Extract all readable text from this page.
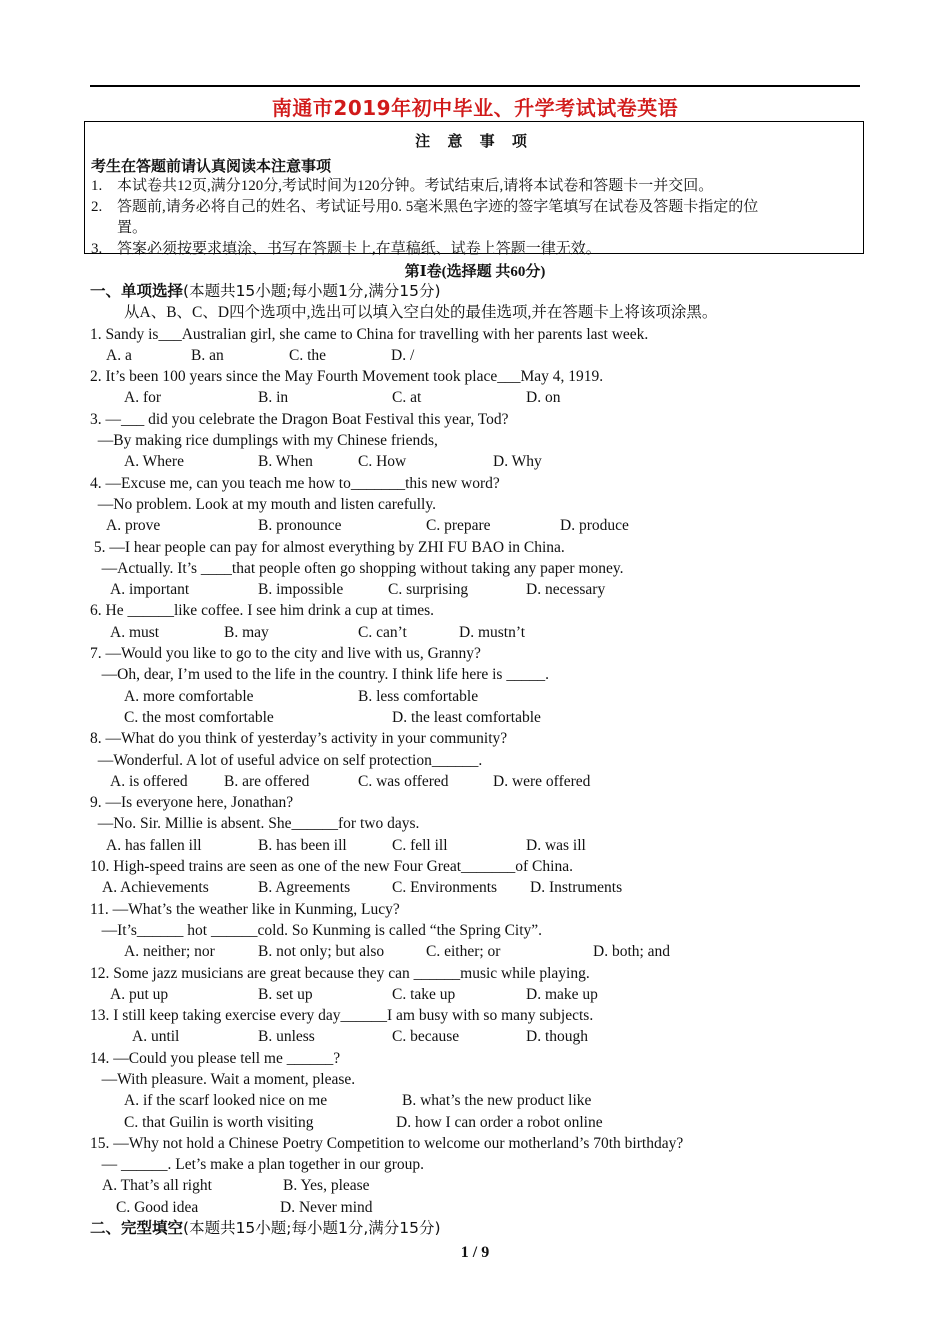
南通市2019年初中毕业、升学考试试卷英语
注 意 事 项
考生在答题前请认真阅读本注意事项
1. 本试卷共12页,满分120分,考试时间为120分钟。考试结束后,请将本试卷和答题卡一并交回。
2. 答题前,请务必将自己的姓名、考试证号用0. 5毫米黑色字迹的签字笔填写在试卷及答题卡指定的位
置。
3. 答案必须按要求填涂、书写在答题卡上,在草稿纸、试卷上答题一律无效。
第Ⅰ卷(选择题 共60分)
一、单项选择(本题共15小题;每小题1分,满分15分)
从A、B、C、D四个选项中,选出可以填入空白处的最佳选项,并在答题卡上将该项涂黑。
1. Sandy is___Australian girl, she came to China for travelling with her parents last week.
A. a	B. an	C. the	D. /
2. It’s been 100 years since the May Fourth Movement took place___May 4, 1919.
A. for	B. in	C. at	D. on
3. —___ did you celebrate the Dragon Boat Festival this year, Tod?
—By making rice dumplings with my Chinese friends,
A. Where	B. When	C. How	D. Why
4. —Excuse me, can you teach me how to_______this new word?
—No problem. Look at my mouth and listen carefully.
A. prove	B. pronounce	C. prepare	D. produce
5. —I hear people can pay for almost everything by ZHI FU BAO in China.
—Actually. It’s ____that people often go shopping without taking any paper money.
A. important	B. impossible	C. surprising	D. necessary
6. He ______like coffee. I see him drink a cup at times.
A. must	B. may	C. can’t	D. mustn’t
7. —Would you like to go to the city and live with us, Granny?
—Oh, dear, I’m used to the life in the country. I think life here is _____.
A. more comfortable	B. less comfortable
C. the most comfortable	D. the least comfortable
8. —What do you think of yesterday’s activity in your community?
—Wonderful. A lot of useful advice on self protection______.
A. is offered B. are offered	C. was offered	D. were offered
9. —Is everyone here, Jonathan?
—No. Sir. Millie is absent. She______for two days.
A. has fallen ill	B. has been ill	C. fell ill	D. was ill
10. High-speed trains are seen as one of the new Four Great_______of China.
A. Achievements	B. Agreements	C. Environments D. Instruments
11. —What’s the weather like in Kunming, Lucy?
—It’s______ hot ______cold. So Kunming is called “the Spring City”.
A. neither; nor	B. not only; but also	C. either; or	D. both; and
12. Some jazz musicians are great because they can ______music while playing.
A. put up	B. set up	C. take up	D. make up
13. I still keep taking exercise every day______I am busy with so many subjects.
A. until	B. unless	C. because	D. though
14. —Could you please tell me ______?
—With pleasure. Wait a moment, please.
A. if the scarf looked nice on me	B. what’s the new product like
C. that Guilin is worth visiting	D. how I can order a robot online
15. —Why not hold a Chinese Poetry Competition to welcome our motherland’s 70th birthday?
— ______. Let’s make a plan together in our group.
A. That’s all right	B. Yes, please
C. Good idea	D. Never mind
二、完型填空(本题共15小题;每小题1分,满分15分)
1 / 9
